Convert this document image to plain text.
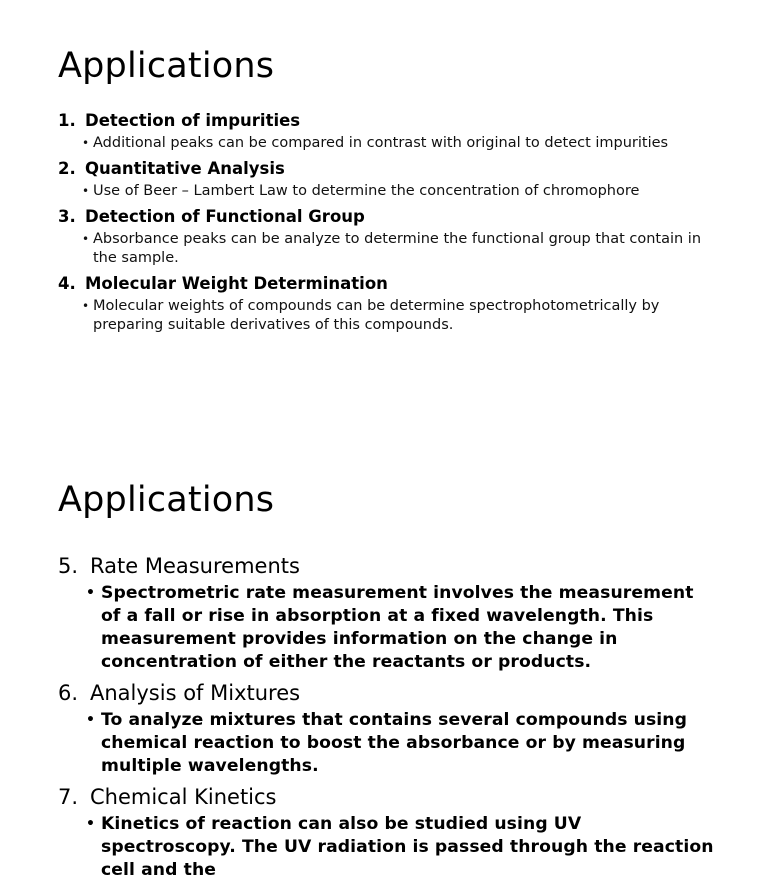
Applications
1. Detection of impurities
• Additional peaks can be compared in contrast with original to detect impurities
2. Quantitative Analysis
• Use of Beer – Lambert Law to determine the concentration of chromophore
3. Detection of Functional Group
• Absorbance peaks can be analyze to determine the functional group that contain in the sample.
4. Molecular Weight Determination
• Molecular weights of compounds can be determine spectrophotometrically by preparing suitable derivatives of this compounds.
Applications
5. Rate Measurements
• Spectrometric rate measurement involves the measurement of a fall or rise in absorption at a fixed wavelength. This measurement provides information on the change in concentration of either the reactants or products.
6. Analysis of Mixtures
• To analyze mixtures that contains several compounds using chemical reaction to boost the absorbance or by measuring multiple wavelengths.
7. Chemical Kinetics
• Kinetics of reaction can also be studied using UV spectroscopy. The UV radiation is passed through the reaction cell and the
